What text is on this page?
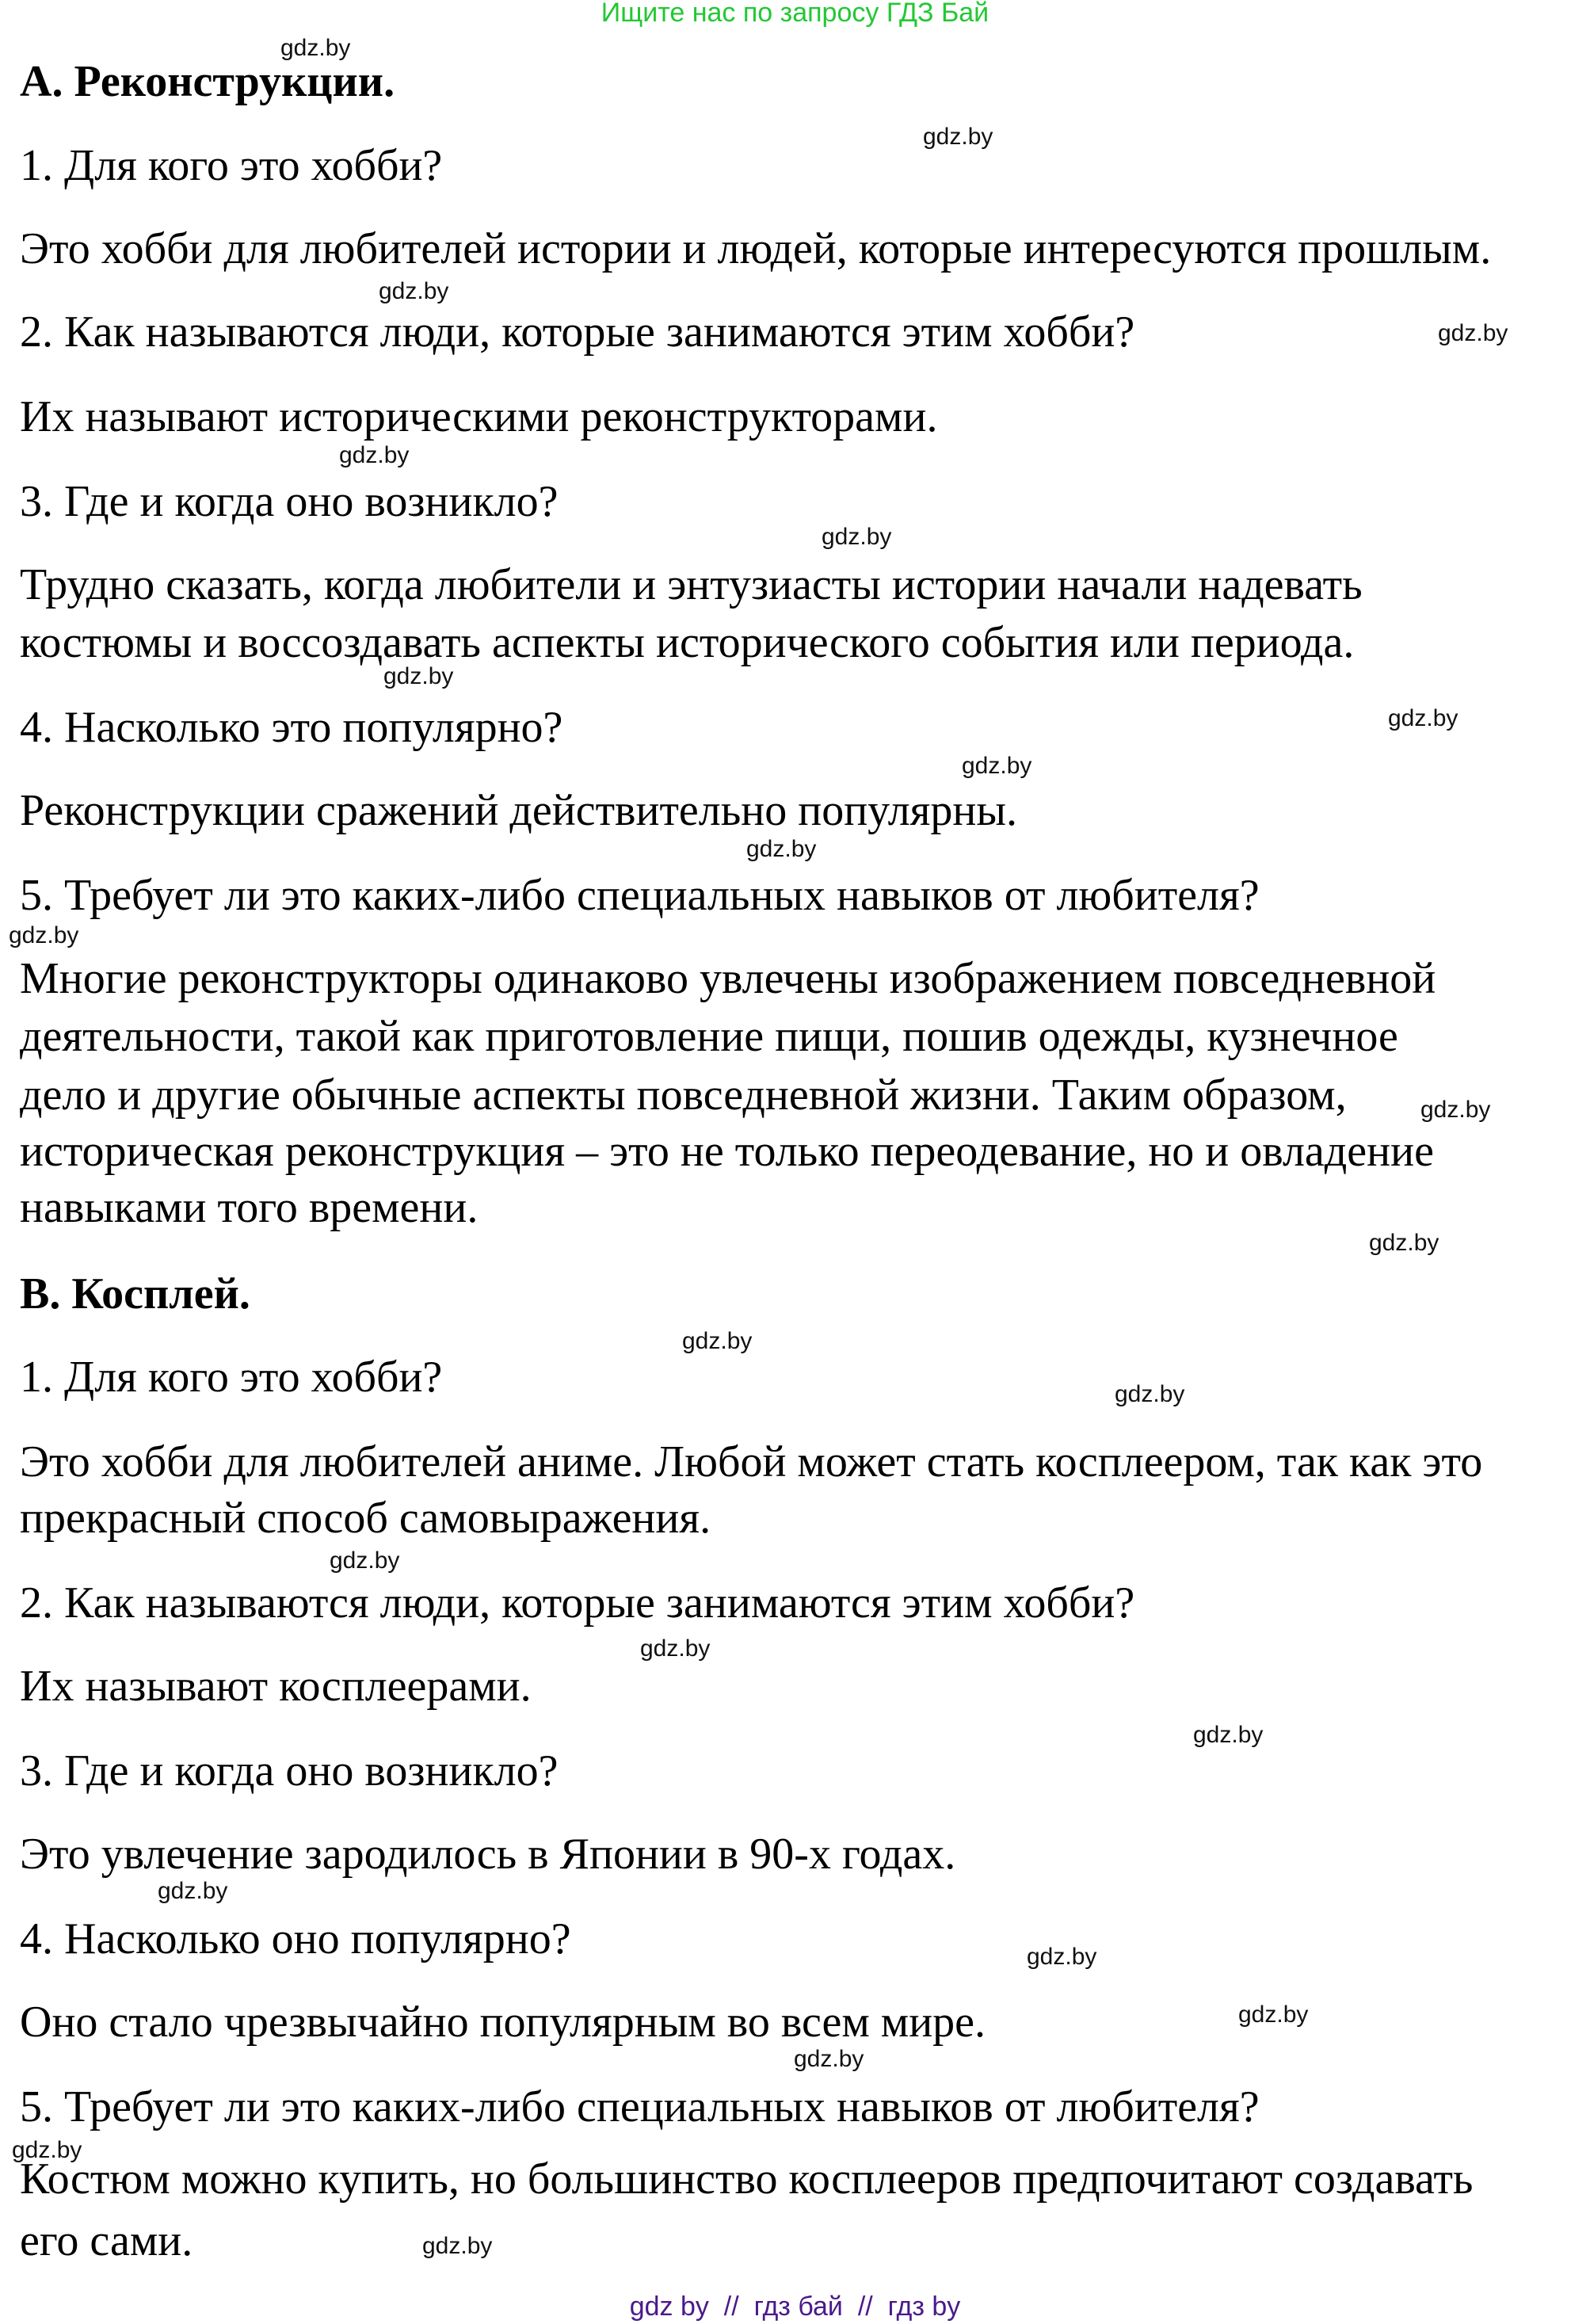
Ищите нас по запросу ГДЗ Бай
A. Реконструкции.
1. Для кого это хобби?
Это хобби для любителей истории и людей, которые интересуются прошлым.
2. Как называются люди, которые занимаются этим хобби?
Их называют историческими реконструкторами.
3. Где и когда оно возникло?
Трудно сказать, когда любители и энтузиасты истории начали надевать
костюмы и воссоздавать аспекты исторического события или периода.
4. Насколько это популярно?
Реконструкции сражений действительно популярны.
5. Требует ли это каких-либо специальных навыков от любителя?
Многие реконструкторы одинаково увлечены изображением повседневной
деятельности, такой как приготовление пищи, пошив одежды, кузнечное
дело и другие обычные аспекты повседневной жизни. Таким образом,
историческая реконструкция – это не только переодевание, но и овладение
навыками того времени.
B. Косплей.
1. Для кого это хобби?
Это хобби для любителей аниме. Любой может стать косплеером, так как это
прекрасный способ самовыражения.
2. Как называются люди, которые занимаются этим хобби?
Их называют косплеерами.
3. Где и когда оно возникло?
Это увлечение зародилось в Японии в 90-х годах.
4. Насколько оно популярно?
Оно стало чрезвычайно популярным во всем мире.
5. Требует ли это каких-либо специальных навыков от любителя?
Костюм можно купить, но большинство косплееров предпочитают создавать
его сами.
gdz.by
gdz.by
gdz.by
gdz.by
gdz.by
gdz.by
gdz.by
gdz.by
gdz.by
gdz.by
gdz.by
gdz.by
gdz.by
gdz.by
gdz.by
gdz.by
gdz.by
gdz.by
gdz.by
gdz.by
gdz.by
gdz.by
gdz.by
gdz.by
gdz by  //  гдз бай  //  гдз by
